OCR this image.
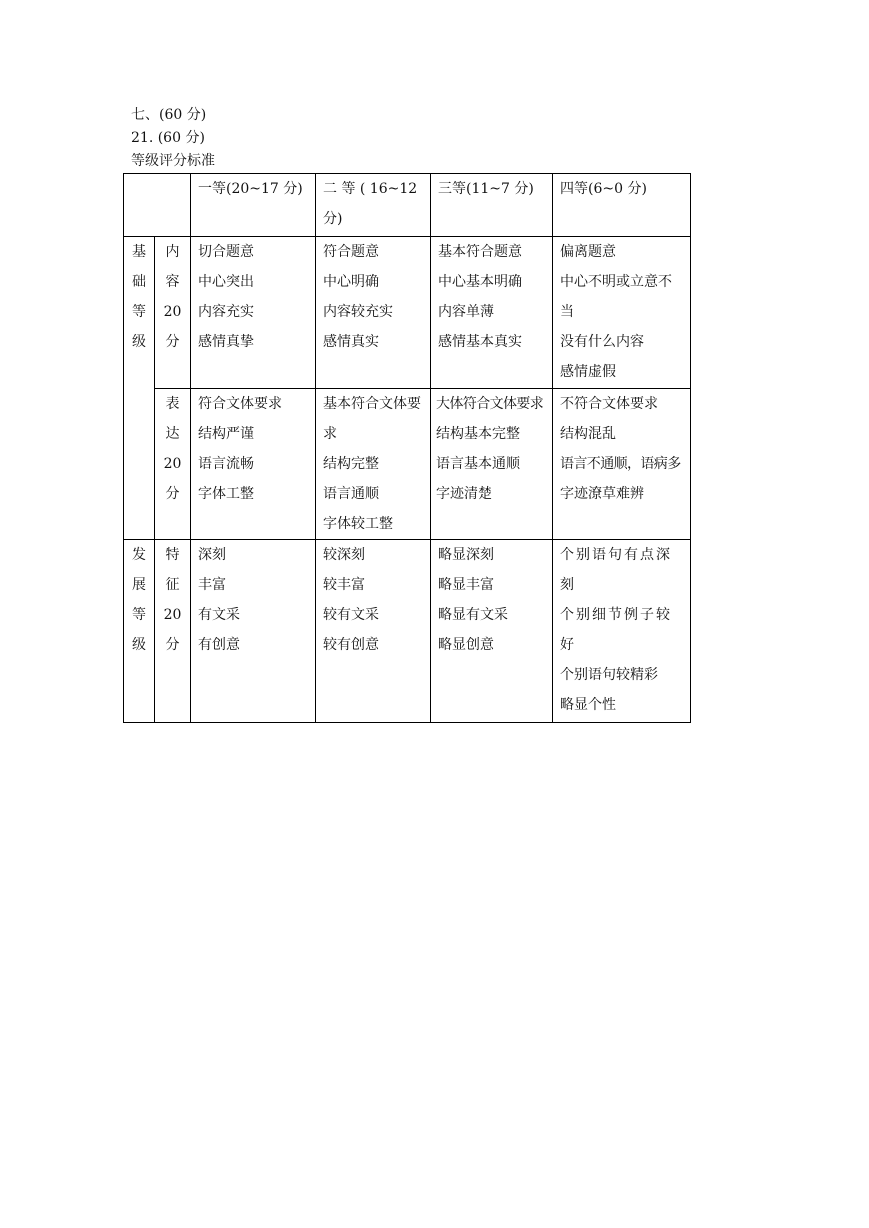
七、(60 分)
21. (60 分)
等级评分标准
		一等(20~17 分)	二 等 ( 16~12 分)	三等(11~7 分)	四等(6~0 分)

基
础
等
级	内
容
20
分	切合题意
中心突出
内容充实
感情真挚	符合题意
中心明确
内容较充实
感情真实	基本符合题意
中心基本明确
内容单薄
感情基本真实	偏离题意
中心不明或立意不当
没有什么内容
感情虚假

	表
达
20
分	符合文体要求
结构严谨
语言流畅
字体工整	基本符合文体要求
结构完整
语言通顺
字体较工整	大体符合文体要求
结构基本完整
语言基本通顺
字迹清楚	不符合文体要求
结构混乱
语言不通顺，语病多
字迹潦草难辨

发
展
等
级	特
征
20
分	深刻
丰富
有文采
有创意	较深刻
较丰富
较有文采
较有创意	略显深刻
略显丰富
略显有文采
略显创意	个别语句有点深刻
个别细节例子较好
个别语句较精彩
略显个性
